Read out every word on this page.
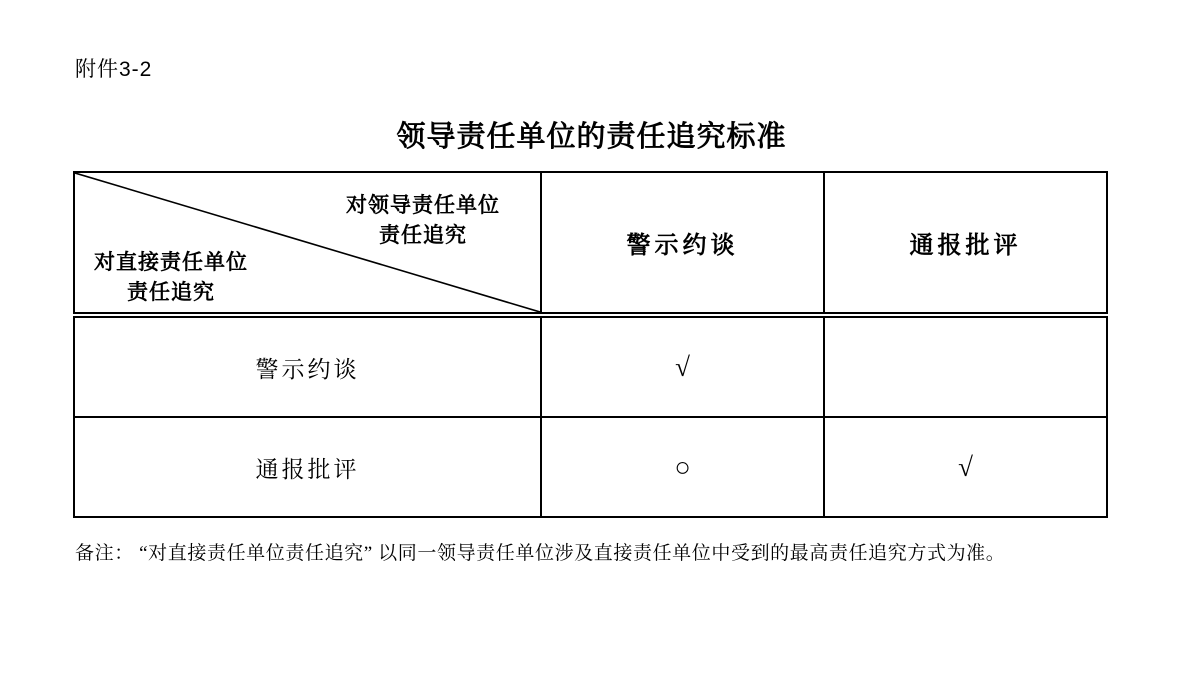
附件3-2
领导责任单位的责任追究标准
对领导责任单位
责任追究
对直接责任单位
责任追究	警示约谈	通报批评
警示约谈	√	
通报批评	○	√
备注： “对直接责任单位责任追究” 以同一领导责任单位涉及直接责任单位中受到的最高责任追究方式为准。
